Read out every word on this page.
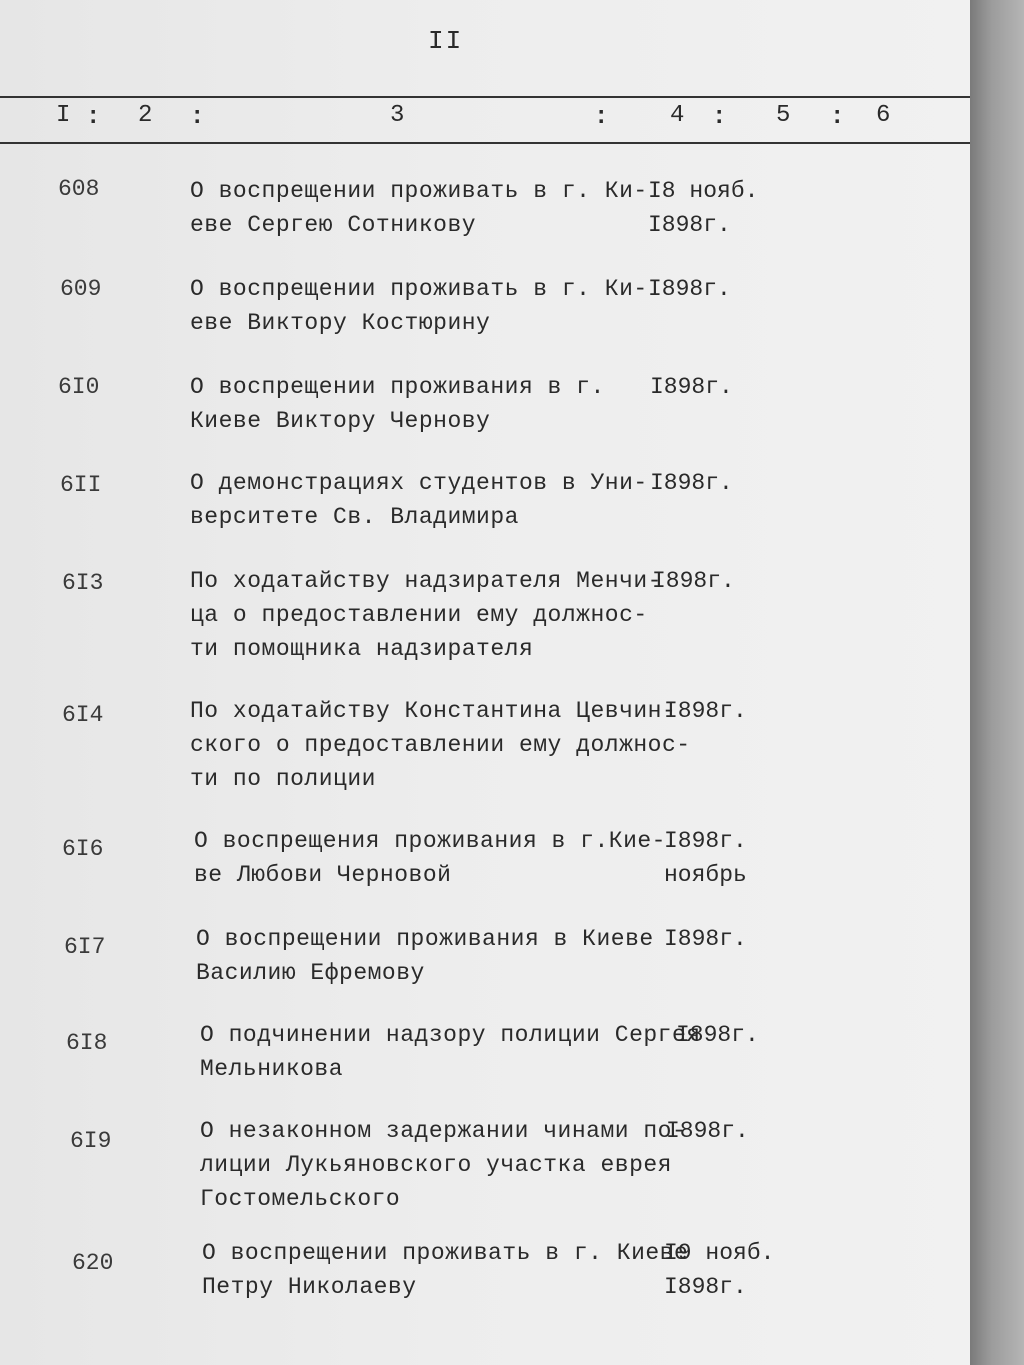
II
I : 2 :	3	:	4 : 5 : 6
608	О воспрещении проживать в г. Ки-
еве Сергею Сотникову
I8 нояб.
I898г.
609	О воспрещении проживать в г. Ки-
еве Виктору Костюрину
I898г.
6I0	О воспрещении проживания в г.
Киеве Виктору Чернову
I898г.
6II	О демонстрациях студентов в Уни-
верситете Св. Владимира
I898г.
6I3	По ходатайству надзирателя Менчи-
ца о предоставлении ему должнос-
ти помощника надзирателя
I898г.
6I4	По ходатайству Константина Цевчин-
ского о предоставлении ему должнос-
ти по полиции
I898г.
6I6	О воспрещения проживания в г.Кие-
ве Любови Черновой
I898г.
ноябрь
6I7	О воспрещении проживания в Киеве
Василию Ефремову
I898г.
6I8	О подчинении надзору полиции Сергея
Мельникова
I898г.
6I9	О незаконном задержании чинами по-
лиции Лукьяновского участка еврея
Гостомельского
I898г.
620	О воспрещении проживать в г. Киеве
Петру Николаеву
I9 нояб.
I898г.
